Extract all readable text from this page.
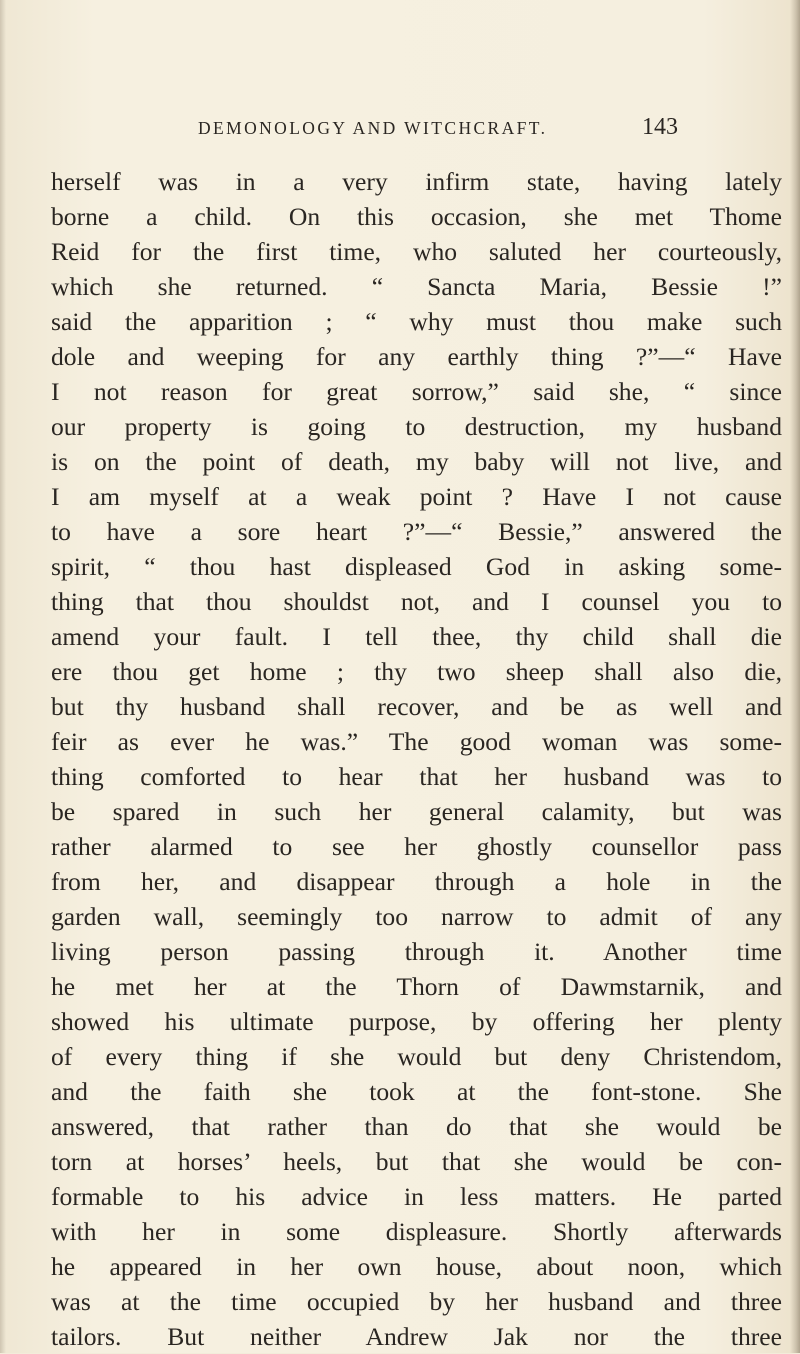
DEMONOLOGY AND WITCHCRAFT.	143
herself was in a very infirm state, having lately
borne a child. On this occasion, she met Thome
Reid for the first time, who saluted her courteously,
which she returned. “ Sancta Maria, Bessie !”
said the apparition ; “ why must thou make such
dole and weeping for any earthly thing ?”—“ Have
I not reason for great sorrow,” said she, “ since
our property is going to destruction, my husband
is on the point of death, my baby will not live, and
I am myself at a weak point ? Have I not cause
to have a sore heart ?”—“ Bessie,” answered the
spirit, “ thou hast displeased God in asking some-
thing that thou shouldst not, and I counsel you to
amend your fault. I tell thee, thy child shall die
ere thou get home ; thy two sheep shall also die,
but thy husband shall recover, and be as well and
feir as ever he was.” The good woman was some-
thing comforted to hear that her husband was to
be spared in such her general calamity, but was
rather alarmed to see her ghostly counsellor pass
from her, and disappear through a hole in the
garden wall, seemingly too narrow to admit of any
living person passing through it. Another time
he met her at the Thorn of Dawmstarnik, and
showed his ultimate purpose, by offering her plenty
of every thing if she would but deny Christendom,
and the faith she took at the font-stone. She
answered, that rather than do that she would be
torn at horses’ heels, but that she would be con-
formable to his advice in less matters. He parted
with her in some displeasure. Shortly afterwards
he appeared in her own house, about noon, which
was at the time occupied by her husband and three
tailors. But neither Andrew Jak nor the three
